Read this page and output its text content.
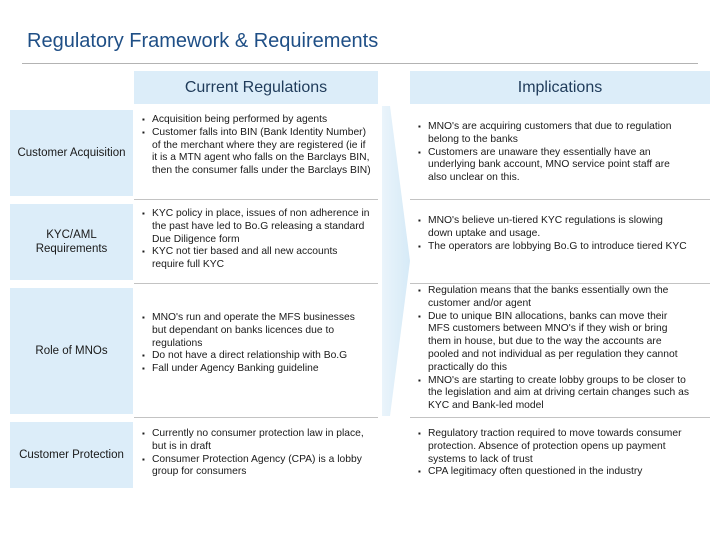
Regulatory Framework & Requirements
Current Regulations	Implications
Customer Acquisition
▪ Acquisition being performed by agents
▪ Customer falls into BIN (Bank Identity Number) of the merchant where they are registered (ie if it is a MTN agent who falls on the Barclays BIN, then the consumer falls under the Barclays BIN)
▪ MNO's are acquiring customers that due to regulation belong to the banks
▪ Customers are unaware they essentially have an underlying bank account, MNO service point staff are also unclear on this.
KYC/AML Requirements
▪ KYC policy in place, issues of non adherence in the past have led to Bo.G releasing a standard Due Diligence form
▪ KYC not tier based and all new accounts require full KYC
▪ MNO's believe un-tiered KYC regulations is slowing down uptake and usage.
▪ The operators are lobbying Bo.G to introduce tiered KYC
Role of MNOs
▪ MNO's run and operate the MFS businesses but dependant on banks licences due to regulations
▪ Do not have a direct relationship with Bo.G
▪ Fall under Agency Banking guideline
▪ Regulation means that the banks essentially own the customer and/or agent
▪ Due to unique BIN allocations, banks can move their MFS customers between MNO's if they wish or bring them in house, but due to the way the accounts are pooled and not individual as per regulation they cannot practically do this
▪ MNO's are starting to create lobby groups to be closer to the legislation and aim at driving certain changes such as KYC and Bank-led model
Customer Protection
▪ Currently no consumer protection law in place, but is in draft
▪ Consumer Protection Agency (CPA) is a lobby group for consumers
▪ Regulatory traction required to move towards consumer protection. Absence of protection opens up payment systems to lack of trust
▪ CPA legitimacy often questioned in the industry
